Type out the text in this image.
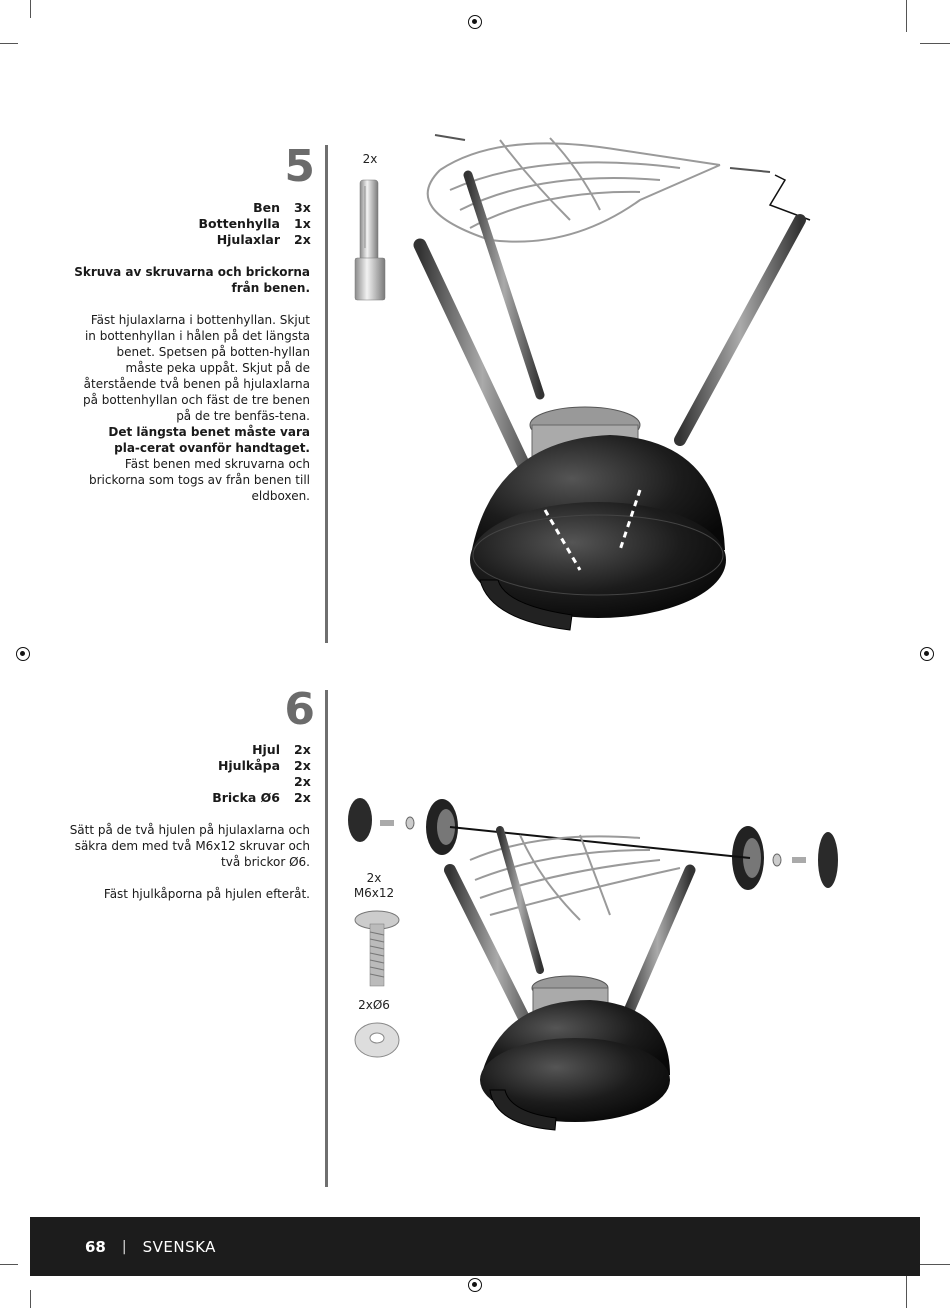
5
Ben 3x
Bottenhylla 1x
Hjulaxlar 2x

Skruva av skruvarna och brickorna från benen.

Fäst hjulaxlarna i bottenhyllan. Skjut in bottenhyllan i hålen på det längsta benet. Spetsen på botten-hyllan måste peka uppåt. Skjut på de återstående två benen på hjulaxlarna på bottenhyllan och fäst de tre benen på de tre benfäs-tena.

Det längsta benet måste vara pla-cerat ovanför handtaget.

Fäst benen med skruvarna och brickorna som togs av från benen till eldboxen.

2x
6
Hjul 2x
Hjulkåpa 2x
2x
Bricka Ø6 2x

Sätt på de två hjulen på hjulaxlarna och säkra dem med två M6x12 skruvar och två brickor Ø6.

Fäst hjulkåporna på hjulen efteråt.

2x
M6x12
2xØ6
68 | SVENSKA
